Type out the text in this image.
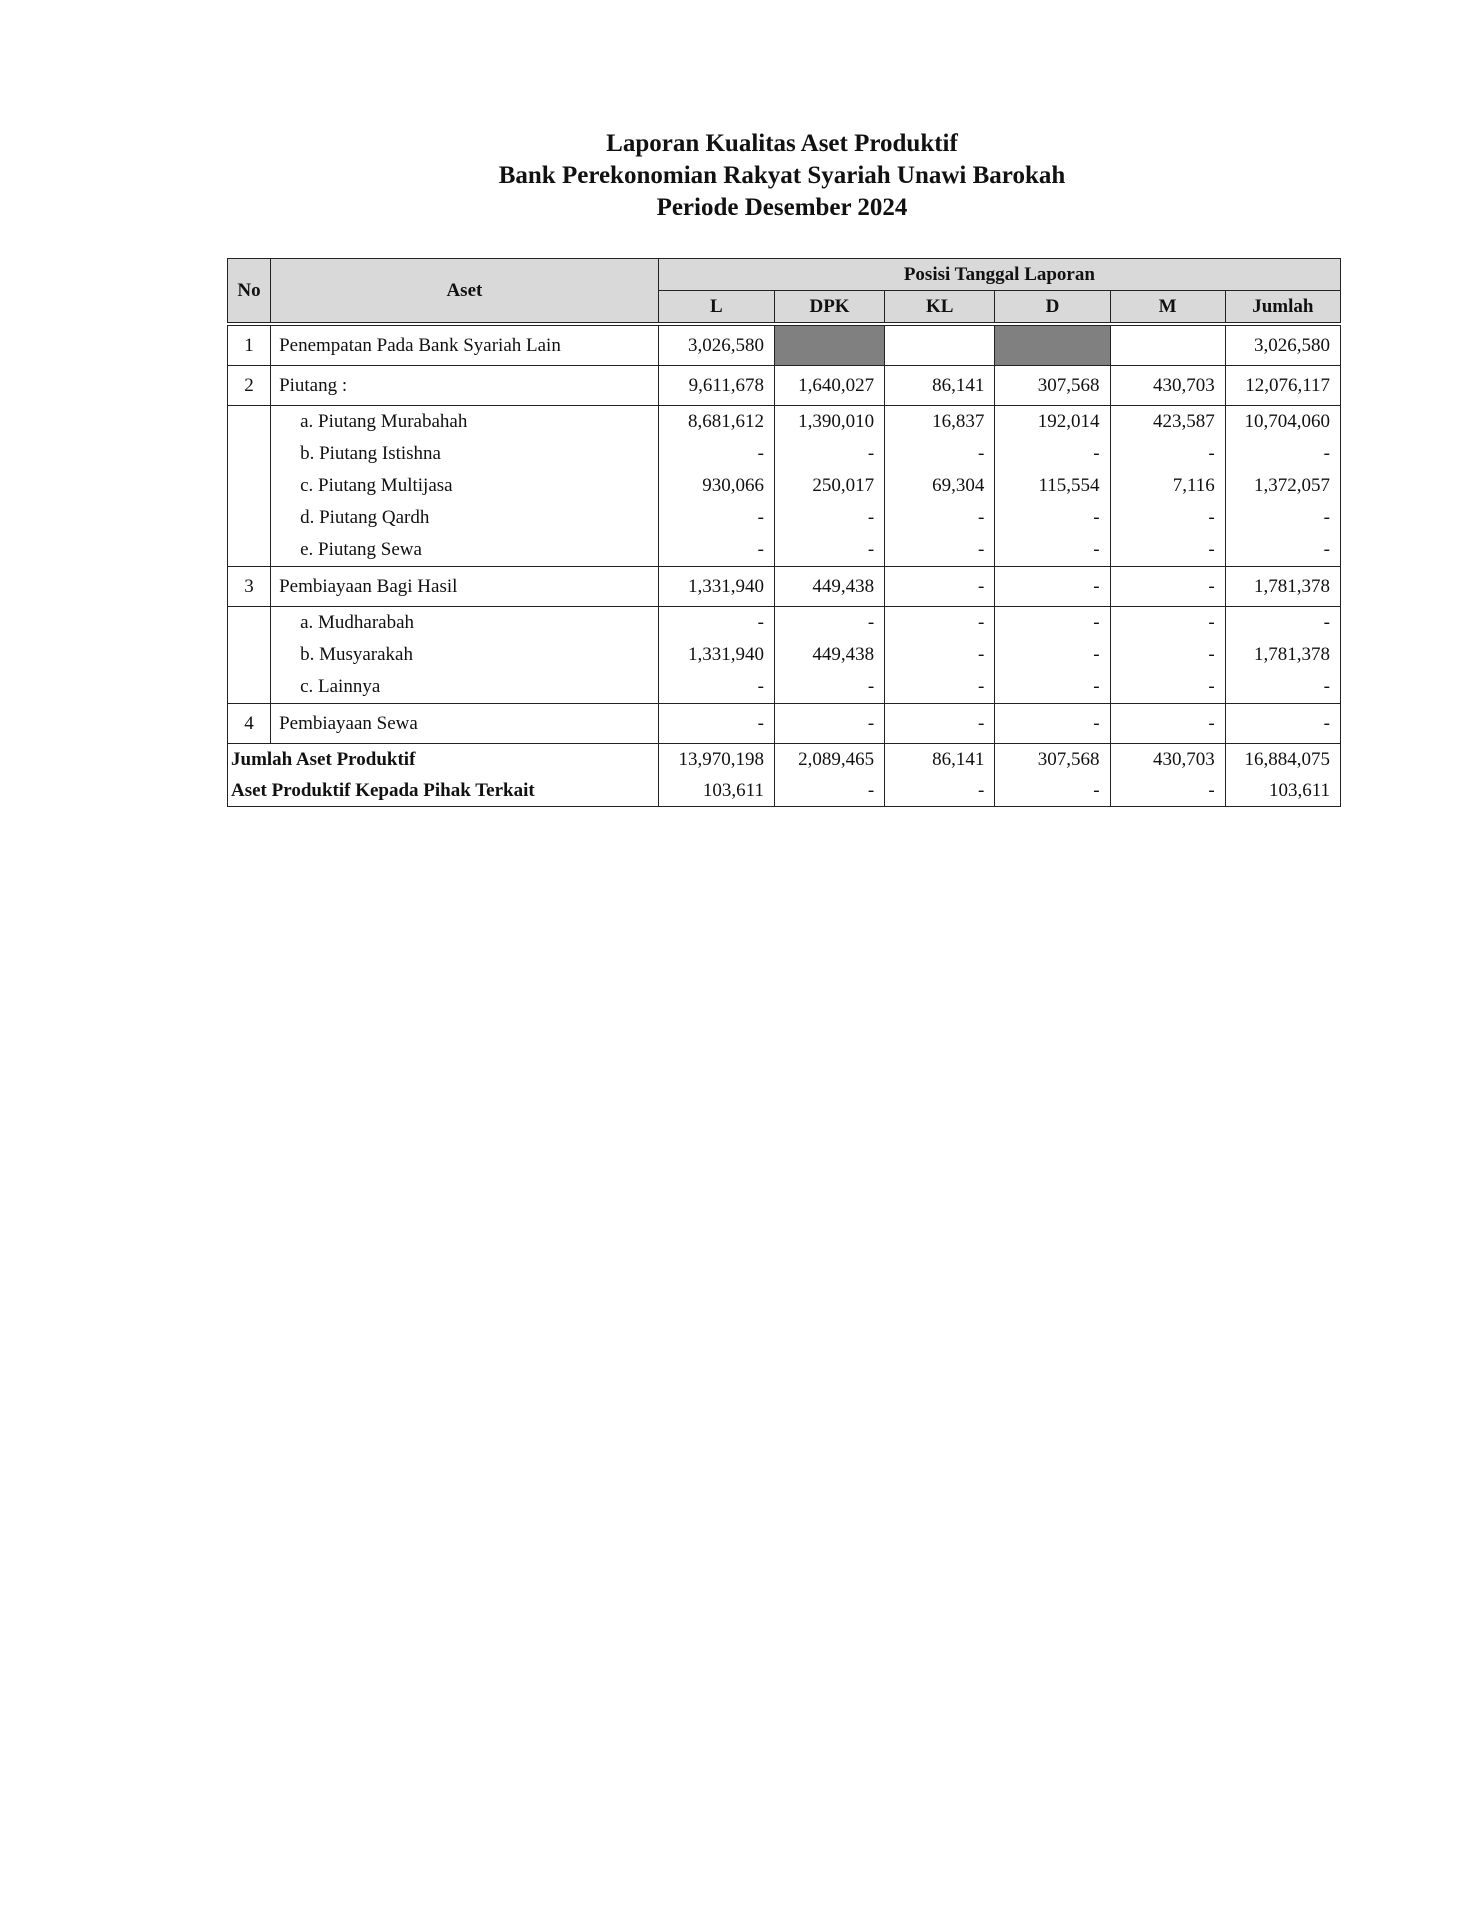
Laporan Kualitas Aset Produktif
Bank Perekonomian Rakyat Syariah Unawi Barokah
Periode Desember 2024
No	Aset	Posisi Tanggal Laporan					
		L	DPK	KL	D	M	Jumlah
1	Penempatan Pada Bank Syariah Lain	3,026,580					3,026,580
2	Piutang :	9,611,678	1,640,027	86,141	307,568	430,703	12,076,117
	a. Piutang Murabahah	8,681,612	1,390,010	16,837	192,014	423,587	10,704,060
	b. Piutang Istishna	-	-	-	-	-	-
	c. Piutang Multijasa	930,066	250,017	69,304	115,554	7,116	1,372,057
	d. Piutang Qardh	-	-	-	-	-	-
	e. Piutang Sewa	-	-	-	-	-	-
3	Pembiayaan Bagi Hasil	1,331,940	449,438	-	-	-	1,781,378
	a. Mudharabah	-	-	-	-	-	-
	b. Musyarakah	1,331,940	449,438	-	-	-	1,781,378
	c. Lainnya	-	-	-	-	-	-
4	Pembiayaan Sewa	-	-	-	-	-	-
Jumlah Aset Produktif		13,970,198	2,089,465	86,141	307,568	430,703	16,884,075
Aset Produktif Kepada Pihak Terkait		103,611	-	-	-	-	103,611
